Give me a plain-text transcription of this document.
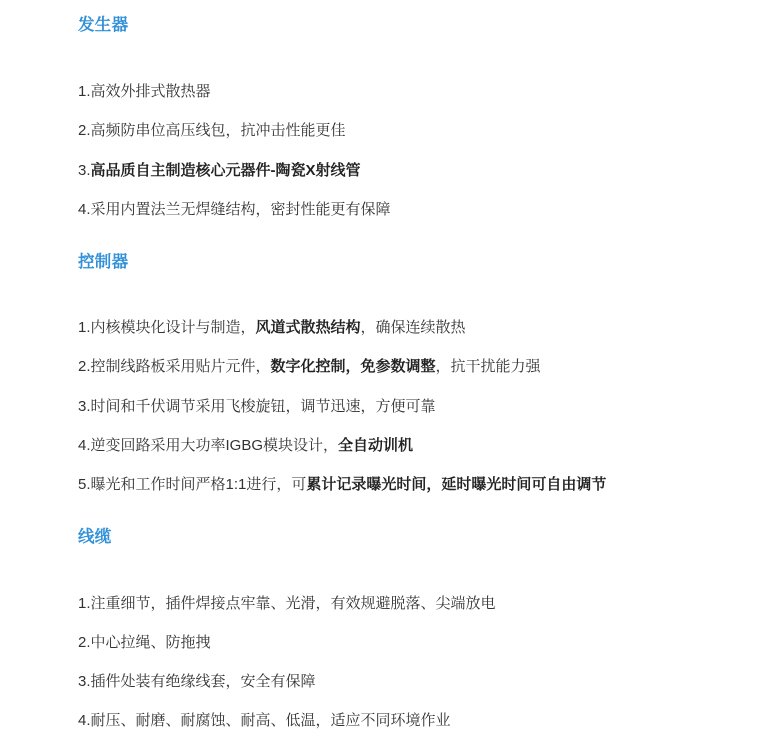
发生器
1.高效外排式散热器
2.高频防串位高压线包，抗冲击性能更佳
3.高品质自主制造核心元器件-陶瓷X射线管
4.采用内置法兰无焊缝结构，密封性能更有保障
控制器
1.内核模块化设计与制造，风道式散热结构，确保连续散热
2.控制线路板采用贴片元件，数字化控制，免参数调整，抗干扰能力强
3.时间和千伏调节采用飞梭旋钮，调节迅速，方便可靠
4.逆变回路采用大功率IGBG模块设计，全自动训机
5.曝光和工作时间严格1:1进行，可累计记录曝光时间，延时曝光时间可自由调节
线缆
1.注重细节，插件焊接点牢靠、光滑，有效规避脱落、尖端放电
2.中心拉绳、防拖拽
3.插件处装有绝缘线套，安全有保障
4.耐压、耐磨、耐腐蚀、耐高、低温，适应不同环境作业
